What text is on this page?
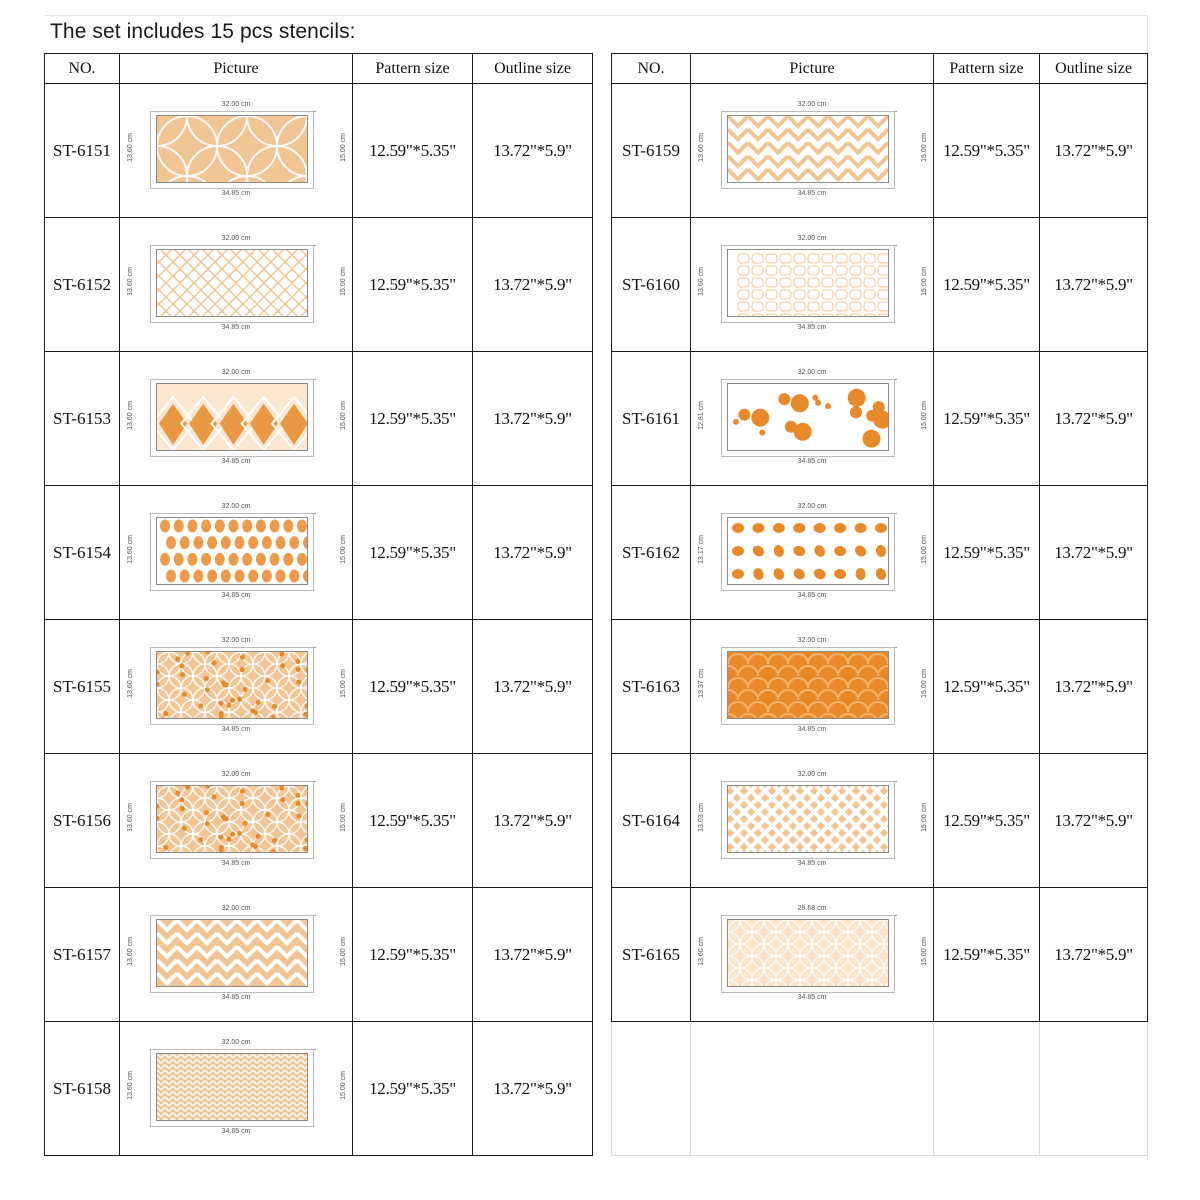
The set includes 15 pcs stencils:
NO.	Picture	Pattern size	Outline size
ST-6151	32.00 cm
13.60 cm 15.00 cm
34.85 cm	12.59"*5.35"	13.72"*5.9"
ST-6152	32.00 cm
13.60 cm 15.00 cm
34.85 cm	12.59"*5.35"	13.72"*5.9"
ST-6153	32.00 cm
13.60 cm 15.00 cm
34.85 cm	12.59"*5.35"	13.72"*5.9"
ST-6154	32.00 cm
13.60 cm 15.00 cm
34.85 cm	12.59"*5.35"	13.72"*5.9"
ST-6155	32.00 cm
13.60 cm 15.00 cm
34.85 cm	12.59"*5.35"	13.72"*5.9"
ST-6156	32.00 cm
13.60 cm 15.00 cm
34.85 cm	12.59"*5.35"	13.72"*5.9"
ST-6157	32.00 cm
13.60 cm 15.00 cm
34.85 cm	12.59"*5.35"	13.72"*5.9"
ST-6158	32.00 cm
13.60 cm 15.00 cm
34.85 cm	12.59"*5.35"	13.72"*5.9"
NO.	Picture	Pattern size	Outline size
ST-6159	32.00 cm
13.60 cm 15.00 cm
34.85 cm	12.59"*5.35"	13.72"*5.9"
ST-6160	32.00 cm
13.60 cm 15.00 cm
34.85 cm	12.59"*5.35"	13.72"*5.9"
ST-6161	32.00 cm
12.81 cm 15.00 cm
34.85 cm	12.59"*5.35"	13.72"*5.9"
ST-6162	32.00 cm
13.17 cm 15.00 cm
34.85 cm	12.59"*5.35"	13.72"*5.9"
ST-6163	32.00 cm
13.37 cm 15.00 cm
34.85 cm	12.59"*5.35"	13.72"*5.9"
ST-6164	32.00 cm
13.03 cm 15.00 cm
34.85 cm	12.59"*5.35"	13.72"*5.9"
ST-6165	29.68 cm
13.60 cm 15.00 cm
34.85 cm	12.59"*5.35"	13.72"*5.9"
